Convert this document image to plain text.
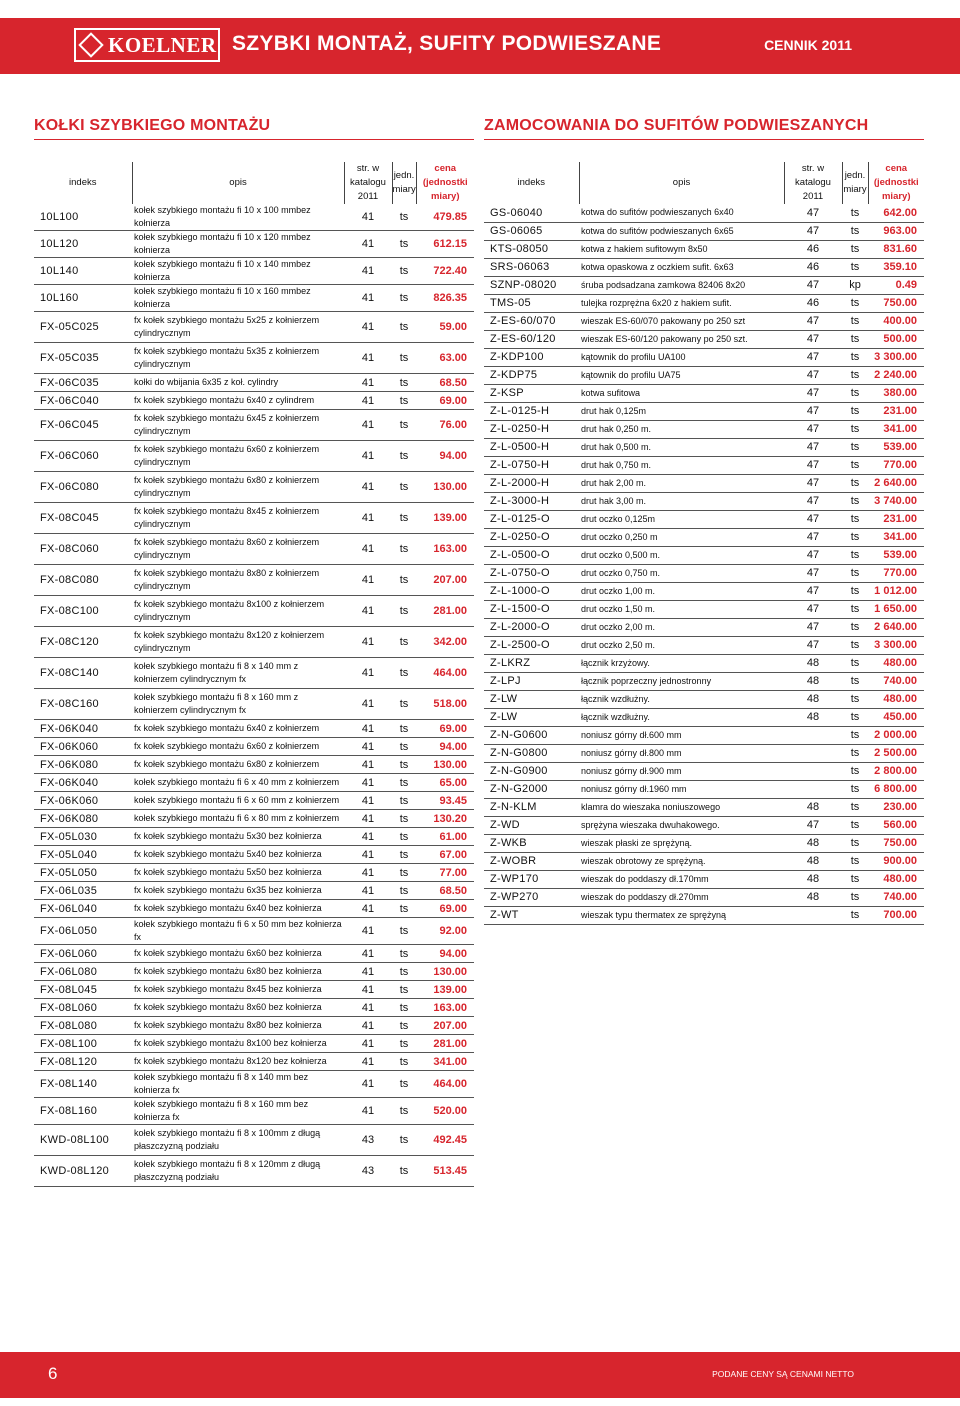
KOELNER SZYBKI MONTAŻ, SUFITY PODWIESZANE	CENNIK 2011
KOŁKI SZYBKIEGO MONTAŻU	ZAMOCOWANIA DO SUFITÓW PODWIESZANYCH
indeks	opis	str. w katalogu 2011	jedn. miary	cena (jednostki miary)
10L100	kołek szybkiego montażu fi 10 x 100 mmbez kołnierza	41	ts	479.85
10L120	kołek szybkiego montażu fi 10 x 120 mmbez kołnierza	41	ts	612.15
10L140	kołek szybkiego montażu fi 10 x 140 mmbez kołnierza	41	ts	722.40
10L160	kołek szybkiego montażu fi 10 x 160 mmbez kołnierza	41	ts	826.35
FX-05C025	fx kołek szybkiego montażu 5x25 z kołnierzem cylindrycznym	41	ts	59.00
FX-05C035	fx kołek szybkiego montażu 5x35 z kołnierzem cylindrycznym	41	ts	63.00
FX-06C035	kołki do wbijania 6x35 z koł. cylindry	41	ts	68.50
FX-06C040	fx kołek szybkiego montażu 6x40 z cylindrem	41	ts	69.00
FX-06C045	fx kołek szybkiego montażu 6x45 z kołnierzem cylindrycznym	41	ts	76.00
FX-06C060	fx kołek szybkiego montażu 6x60 z kołnierzem cylindrycznym	41	ts	94.00
FX-06C080	fx kołek szybkiego montażu 6x80 z kołnierzem cylindrycznym	41	ts	130.00
FX-08C045	fx kołek szybkiego montażu 8x45 z kołnierzem cylindrycznym	41	ts	139.00
FX-08C060	fx kołek szybkiego montażu 8x60 z kołnierzem cylindrycznym	41	ts	163.00
FX-08C080	fx kołek szybkiego montażu 8x80 z kołnierzem cylindrycznym	41	ts	207.00
FX-08C100	fx kołek szybkiego montażu 8x100 z kołnierzem cylindrycznym	41	ts	281.00
FX-08C120	fx kołek szybkiego montażu 8x120 z kołnierzem cylindrycznym	41	ts	342.00
FX-08C140	kołek szybkiego montażu fi 8 x 140 mm z kołnierzem cylindrycznym fx	41	ts	464.00
FX-08C160	kołek szybkiego montażu fi 8 x 160 mm z kołnierzem cylindrycznym fx	41	ts	518.00
FX-06K040	fx kołek szybkiego montażu 6x40 z kołnierzem	41	ts	69.00
FX-06K060	fx kołek szybkiego montażu 6x60 z kołnierzem	41	ts	94.00
FX-06K080	fx kołek szybkiego montażu 6x80 z kołnierzem	41	ts	130.00
FX-06K040	kołek szybkiego montażu fi 6 x 40 mm z kołnierzem	41	ts	65.00
FX-06K060	kołek szybkiego montażu fi 6 x 60 mm z kołnierzem	41	ts	93.45
FX-06K080	kołek szybkiego montażu fi 6 x 80 mm z kołnierzem	41	ts	130.20
FX-05L030	fx kołek szybkiego montażu 5x30 bez kołnierza	41	ts	61.00
FX-05L040	fx kołek szybkiego montażu 5x40 bez kołnierza	41	ts	67.00
FX-05L050	fx kołek szybkiego montażu 5x50 bez kołnierza	41	ts	77.00
FX-06L035	fx kołek szybkiego montażu 6x35 bez kołnierza	41	ts	68.50
FX-06L040	fx kołek szybkiego montażu 6x40 bez kołnierza	41	ts	69.00
FX-06L050	kołek szybkiego montażu fi 6 x 50 mm bez kołnierza fx	41	ts	92.00
FX-06L060	fx kołek szybkiego montażu 6x60 bez kołnierza	41	ts	94.00
FX-06L080	fx kołek szybkiego montażu 6x80 bez kołnierza	41	ts	130.00
FX-08L045	fx kołek szybkiego montażu 8x45 bez kołnierza	41	ts	139.00
FX-08L060	fx kołek szybkiego montażu 8x60 bez kołnierza	41	ts	163.00
FX-08L080	fx kołek szybkiego montażu 8x80 bez kołnierza	41	ts	207.00
FX-08L100	fx kołek szybkiego montażu 8x100 bez kołnierza	41	ts	281.00
FX-08L120	fx kołek szybkiego montażu 8x120 bez kołnierza	41	ts	341.00
FX-08L140	kołek szybkiego montażu fi 8 x 140 mm bez kołnierza fx	41	ts	464.00
FX-08L160	kołek szybkiego montażu fi 8 x 160 mm bez kołnierza fx	41	ts	520.00
KWD-08L100	kołek szybkiego montażu fi 8 x 100mm z długą płaszczyzną podziału	43	ts	492.45
KWD-08L120	kołek szybkiego montażu fi 8 x 120mm z długą płaszczyzną podziału	43	ts	513.45
indeks	opis	str. w katalogu 2011	jedn. miary	cena (jednostki miary)
GS-06040	kotwa do sufitów podwieszanych 6x40	47	ts	642.00
GS-06065	kotwa do sufitów podwieszanych 6x65	47	ts	963.00
KTS-08050	kotwa z hakiem sufitowym 8x50	46	ts	831.60
SRS-06063	kotwa opaskowa z oczkiem sufit. 6x63	46	ts	359.10
SZNP-08020	śruba podsadzana zamkowa 82406 8x20	47	kp	0.49
TMS-05	tulejka rozprężna 6x20 z hakiem sufit.	46	ts	750.00
Z-ES-60/070	wieszak ES-60/070 pakowany po 250 szt	47	ts	400.00
Z-ES-60/120	wieszak ES-60/120 pakowany po 250 szt.	47	ts	500.00
Z-KDP100	kątownik do profilu UA100	47	ts	3 300.00
Z-KDP75	kątownik do profilu UA75	47	ts	2 240.00
Z-KSP	kotwa sufitowa	47	ts	380.00
Z-L-0125-H	drut hak 0,125m	47	ts	231.00
Z-L-0250-H	drut hak 0,250 m.	47	ts	341.00
Z-L-0500-H	drut hak 0,500 m.	47	ts	539.00
Z-L-0750-H	drut hak 0,750 m.	47	ts	770.00
Z-L-2000-H	drut hak 2,00 m.	47	ts	2 640.00
Z-L-3000-H	drut hak 3,00 m.	47	ts	3 740.00
Z-L-0125-O	drut oczko 0,125m	47	ts	231.00
Z-L-0250-O	drut oczko 0,250 m	47	ts	341.00
Z-L-0500-O	drut oczko 0,500 m.	47	ts	539.00
Z-L-0750-O	drut oczko 0,750 m.	47	ts	770.00
Z-L-1000-O	drut oczko 1,00 m.	47	ts	1 012.00
Z-L-1500-O	drut oczko 1,50 m.	47	ts	1 650.00
Z-L-2000-O	drut oczko 2,00 m.	47	ts	2 640.00
Z-L-2500-O	drut oczko 2,50 m.	47	ts	3 300.00
Z-LKRZ	łącznik krzyżowy.	48	ts	480.00
Z-LPJ	łącznik poprzeczny jednostronny	48	ts	740.00
Z-LW	łącznik wzdłużny.	48	ts	480.00
Z-LW	łącznik wzdłużny.	48	ts	450.00
Z-N-G0600	noniusz górny dł.600 mm		ts	2 000.00
Z-N-G0800	noniusz górny dł.800 mm		ts	2 500.00
Z-N-G0900	noniusz górny dł.900 mm		ts	2 800.00
Z-N-G2000	noniusz górny dł.1960 mm		ts	6 800.00
Z-N-KLM	klamra do wieszaka noniuszowego	48	ts	230.00
Z-WD	sprężyna wieszaka dwuhakowego.	47	ts	560.00
Z-WKB	wieszak płaski ze sprężyną.	48	ts	750.00
Z-WOBR	wieszak obrotowy ze sprężyną.	48	ts	900.00
Z-WP170	wieszak do poddaszy dł.170mm	48	ts	480.00
Z-WP270	wieszak do poddaszy dł.270mm	48	ts	740.00
Z-WT	wieszak typu thermatex ze sprężyną		ts	700.00
6	PODANE CENY SĄ CENAMI NETTO
